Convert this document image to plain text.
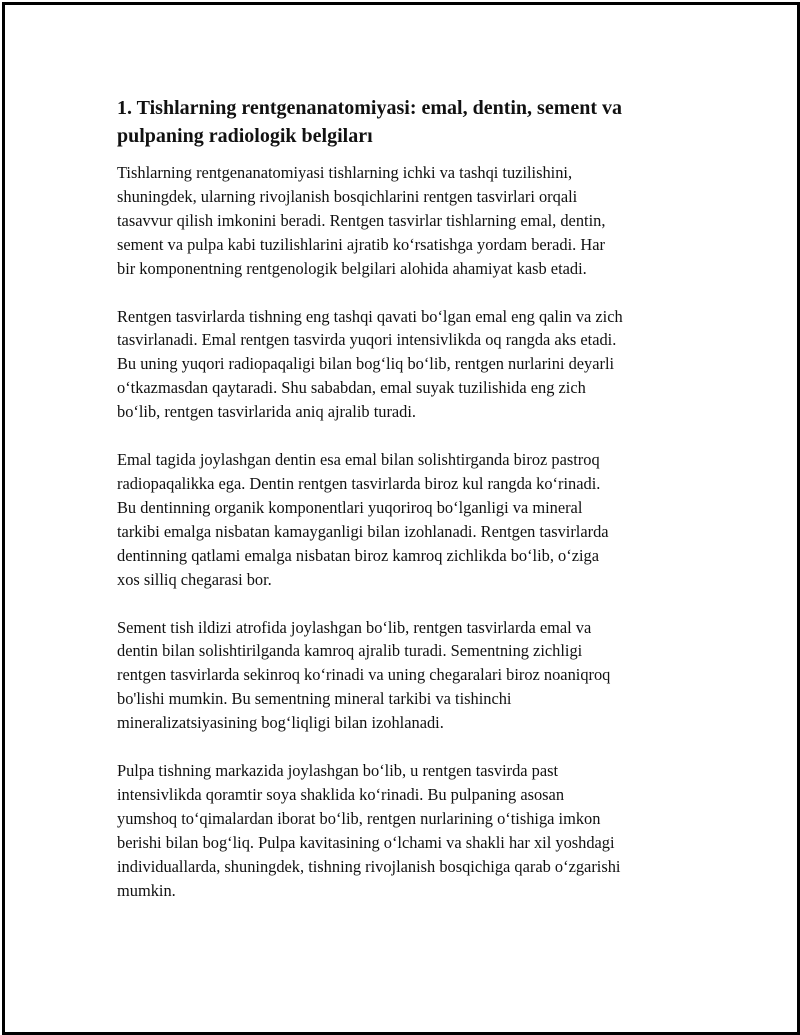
1. Tishlarning rentgenanatomiyasi: emal, dentin, sement va
pulpaning radiologik belgiları

Tishlarning rentgenanatomiyasi tishlarning ichki va tashqi tuzilishini,
shuningdek, ularning rivojlanish bosqichlarini rentgen tasvirlari orqali
tasavvur qilish imkonini beradi. Rentgen tasvirlar tishlarning emal, dentin,
sement va pulpa kabi tuzilishlarini ajratib koʻrsatishga yordam beradi. Har
bir komponentning rentgenologik belgilari alohida ahamiyat kasb etadi.

Rentgen tasvirlarda tishning eng tashqi qavati boʻlgan emal eng qalin va zich
tasvirlanadi. Emal rentgen tasvirda yuqori intensivlikda oq rangda aks etadi.
Bu uning yuqori radiopaqaligi bilan bogʻliq boʻlib, rentgen nurlarini deyarli
oʻtkazmasdan qaytaradi. Shu sababdan, emal suyak tuzilishida eng zich
boʻlib, rentgen tasvirlarida aniq ajralib turadi.

Emal tagida joylashgan dentin esa emal bilan solishtirganda biroz pastroq
radiopaqalikka ega. Dentin rentgen tasvirlarda biroz kul rangda koʻrinadi.
Bu dentinning organik komponentlari yuqoriroq boʻlganligi va mineral
tarkibi emalga nisbatan kamayganligi bilan izohlanadi. Rentgen tasvirlarda
dentinning qatlami emalga nisbatan biroz kamroq zichlikda boʻlib, oʻziga
xos silliq chegarasi bor.

Sement tish ildizi atrofida joylashgan boʻlib, rentgen tasvirlarda emal va
dentin bilan solishtirilganda kamroq ajralib turadi. Sementning zichligi
rentgen tasvirlarda sekinroq koʻrinadi va uning chegaralari biroz noaniqroq
bo'lishi mumkin. Bu sementning mineral tarkibi va tishinchi
mineralizatsiyasining bogʻliqligi bilan izohlanadi.

Pulpa tishning markazida joylashgan boʻlib, u rentgen tasvirda past
intensivlikda qoramtir soya shaklida koʻrinadi. Bu pulpaning asosan
yumshoq toʻqimalardan iborat boʻlib, rentgen nurlarining oʻtishiga imkon
berishi bilan bogʻliq. Pulpa kavitasining oʻlchami va shakli har xil yoshdagi
individuallarda, shuningdek, tishning rivojlanish bosqichiga qarab oʻzgarishi
mumkin.
